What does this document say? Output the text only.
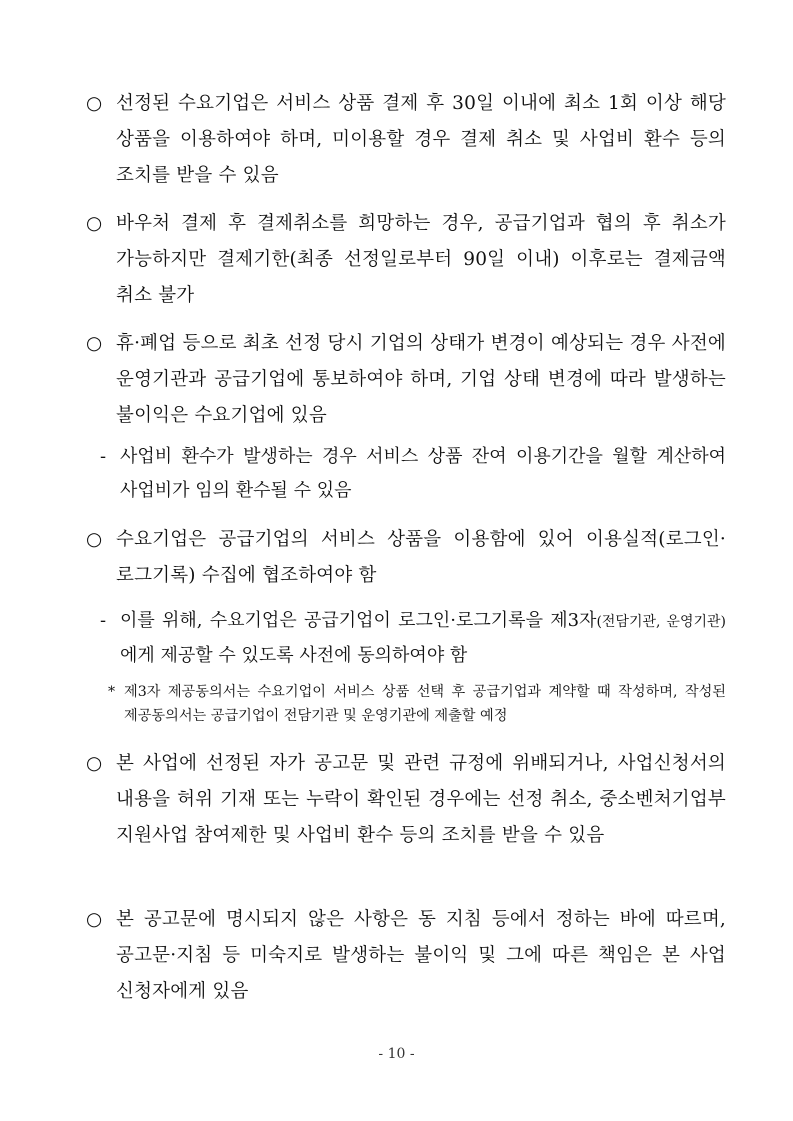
○ 선정된 수요기업은 서비스 상품 결제 후 30일 이내에 최소 1회 이상 해당 상품을 이용하여야 하며, 미이용할 경우 결제 취소 및 사업비 환수 등의 조치를 받을 수 있음
○ 바우처 결제 후 결제취소를 희망하는 경우, 공급기업과 협의 후 취소가 가능하지만 결제기한(최종 선정일로부터 90일 이내) 이후로는 결제금액 취소 불가
○ 휴·폐업 등으로 최초 선정 당시 기업의 상태가 변경이 예상되는 경우 사전에 운영기관과 공급기업에 통보하여야 하며, 기업 상태 변경에 따라 발생하는 불이익은 수요기업에 있음
- 사업비 환수가 발생하는 경우 서비스 상품 잔여 이용기간을 월할 계산하여 사업비가 임의 환수될 수 있음
○ 수요기업은 공급기업의 서비스 상품을 이용함에 있어 이용실적(로그인·로그기록) 수집에 협조하여야 함
- 이를 위해, 수요기업은 공급기업이 로그인·로그기록을 제3자(전담기관, 운영기관)에게 제공할 수 있도록 사전에 동의하여야 함
* 제3자 제공동의서는 수요기업이 서비스 상품 선택 후 공급기업과 계약할 때 작성하며, 작성된 제공동의서는 공급기업이 전담기관 및 운영기관에 제출할 예정
○ 본 사업에 선정된 자가 공고문 및 관련 규정에 위배되거나, 사업신청서의 내용을 허위 기재 또는 누락이 확인된 경우에는 선정 취소, 중소벤처기업부 지원사업 참여제한 및 사업비 환수 등의 조치를 받을 수 있음
○ 본 공고문에 명시되지 않은 사항은 동 지침 등에서 정하는 바에 따르며, 공고문·지침 등 미숙지로 발생하는 불이익 및 그에 따른 책임은 본 사업 신청자에게 있음
- 10 -
